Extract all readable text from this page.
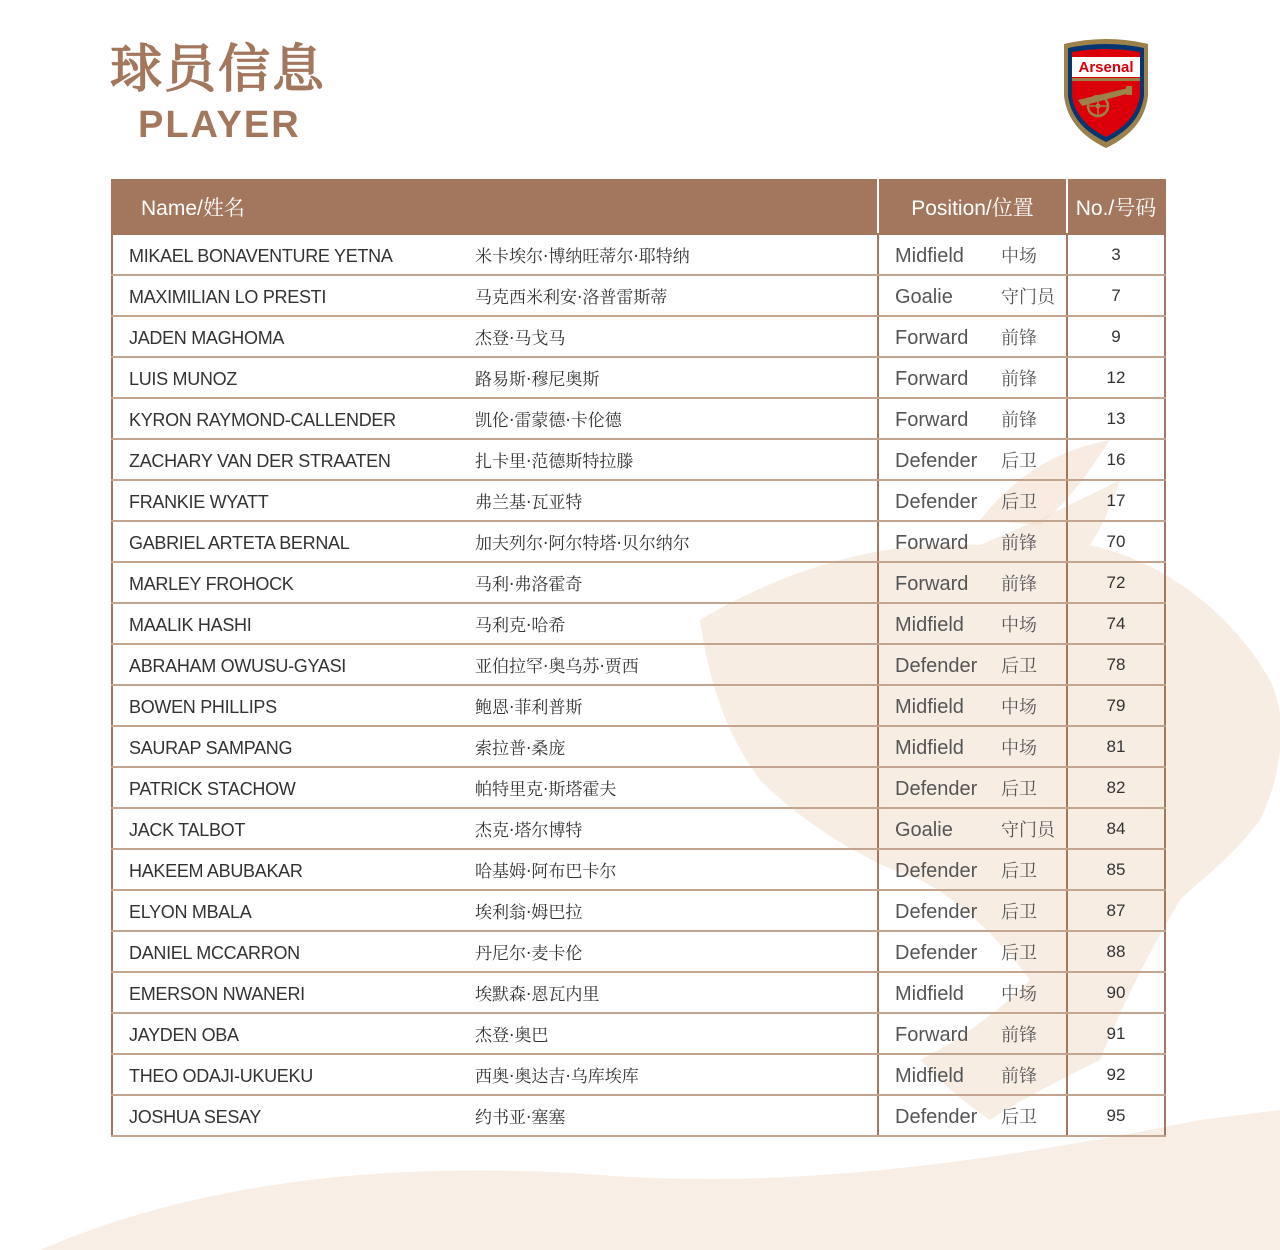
球员信息
PLAYER
Arsenal
Name/姓名	Position/位置	No./号码
MIKAEL BONAVENTURE YETNA 米卡埃尔·博纳旺蒂尔·耶特纳	Midfield 中场	3
MAXIMILIAN LO PRESTI 马克西米利安·洛普雷斯蒂	Goalie 守门员	7
JADEN MAGHOMA 杰登·马戈马	Forward 前锋	9
LUIS MUNOZ 路易斯·穆尼奥斯	Forward 前锋	12
KYRON RAYMOND-CALLENDER 凯伦·雷蒙德·卡伦德	Forward 前锋	13
ZACHARY VAN DER STRAATEN 扎卡里·范德斯特拉滕	Defender 后卫	16
FRANKIE WYATT 弗兰基·瓦亚特	Defender 后卫	17
GABRIEL ARTETA BERNAL 加夫列尔·阿尔特塔·贝尔纳尔	Forward 前锋	70
MARLEY FROHOCK 马利·弗洛霍奇	Forward 前锋	72
MAALIK HASHI 马利克·哈希	Midfield 中场	74
ABRAHAM OWUSU-GYASI 亚伯拉罕·奥乌苏·贾西	Defender 后卫	78
BOWEN PHILLIPS 鲍恩·菲利普斯	Midfield 中场	79
SAURAP SAMPANG 索拉普·桑庞	Midfield 中场	81
PATRICK STACHOW 帕特里克·斯塔霍夫	Defender 后卫	82
JACK TALBOT 杰克·塔尔博特	Goalie 守门员	84
HAKEEM ABUBAKAR 哈基姆·阿布巴卡尔	Defender 后卫	85
ELYON MBALA 埃利翁·姆巴拉	Defender 后卫	87
DANIEL MCCARRON 丹尼尔·麦卡伦	Defender 后卫	88
EMERSON NWANERI 埃默森·恩瓦内里	Midfield 中场	90
JAYDEN OBA 杰登·奥巴	Forward 前锋	91
THEO ODAJI-UKUEKU 西奥·奥达吉·乌库埃库	Midfield 前锋	92
JOSHUA SESAY 约书亚·塞塞	Defender 后卫	95
